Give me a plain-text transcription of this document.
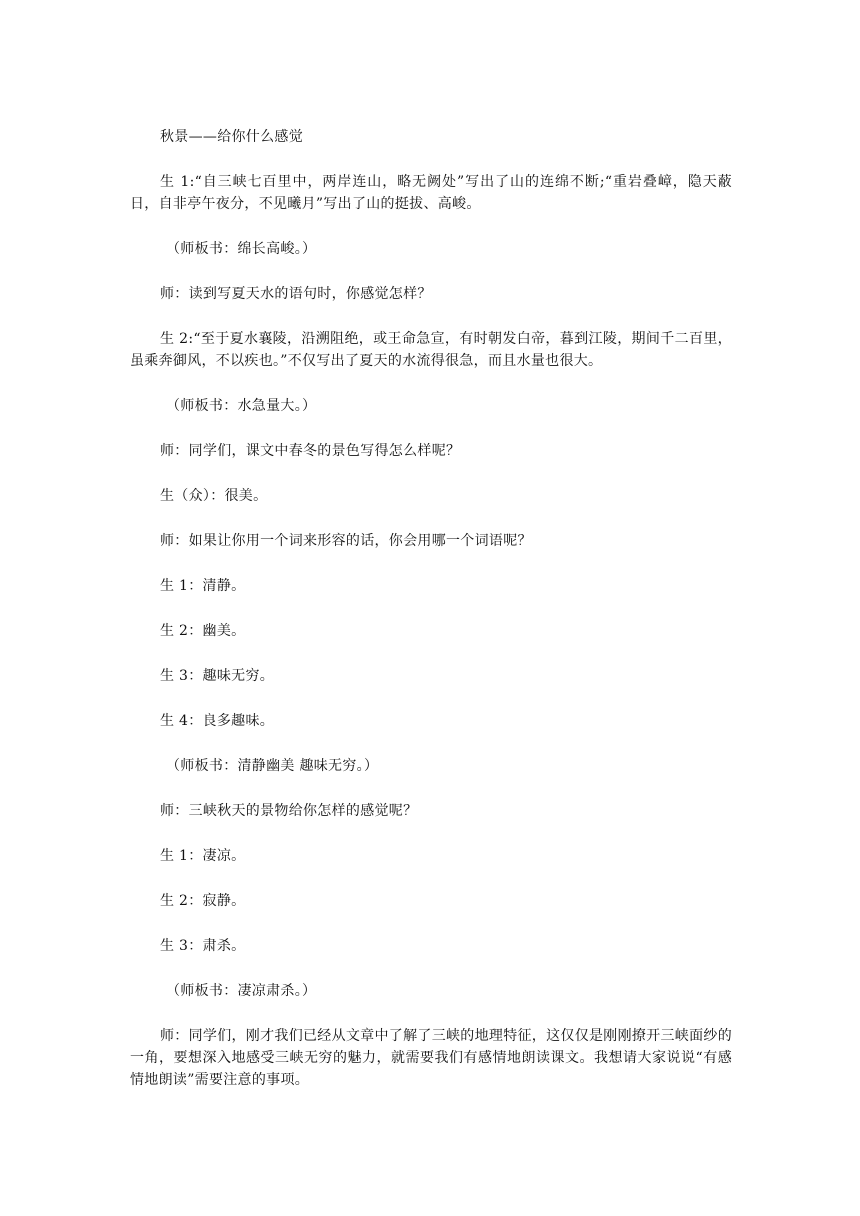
秋景——给你什么感觉

生 1:“自三峡七百里中，两岸连山，略无阙处”写出了山的连绵不断;“重岩叠嶂，隐天蔽日，自非亭午夜分，不见曦月”写出了山的挺拔、高峻。

（师板书：绵长高峻。）

师：读到写夏天水的语句时，你感觉怎样？

生 2:“至于夏水襄陵，沿溯阻绝，或王命急宣，有时朝发白帝，暮到江陵，期间千二百里，虽乘奔御风，不以疾也。”不仅写出了夏天的水流得很急，而且水量也很大。

（师板书：水急量大。）

师：同学们，课文中春冬的景色写得怎么样呢？

生（众）：很美。

师：如果让你用一个词来形容的话，你会用哪一个词语呢？

生 1：清静。

生 2：幽美。

生 3：趣味无穷。

生 4：良多趣味。

（师板书：清静幽美 趣味无穷。）

师：三峡秋天的景物给你怎样的感觉呢？

生 1：凄凉。

生 2：寂静。

生 3：肃杀。

（师板书：凄凉肃杀。）

师：同学们，刚才我们已经从文章中了解了三峡的地理特征，这仅仅是刚刚撩开三峡面纱的一角，要想深入地感受三峡无穷的魅力，就需要我们有感情地朗读课文。我想请大家说说“有感情地朗读”需要注意的事项。
